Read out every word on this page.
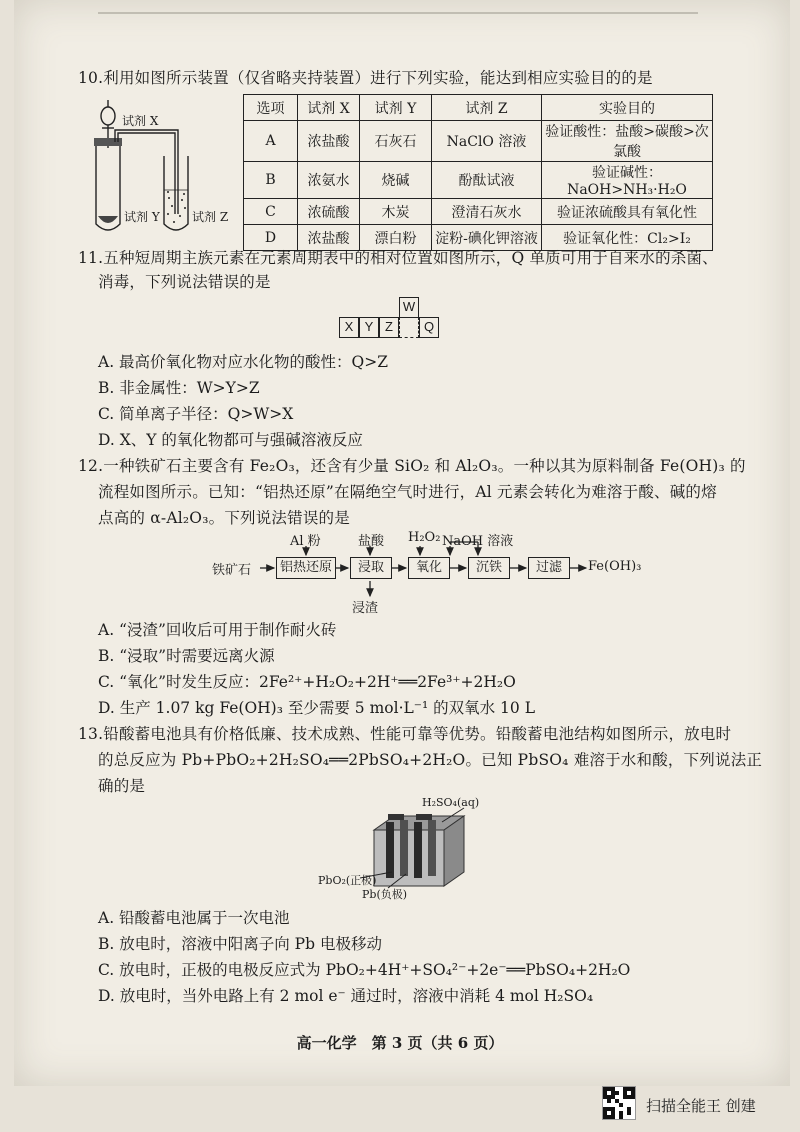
10.利用如图所示装置（仅省略夹持装置）进行下列实验，能达到相应实验目的的是
试剂 X
试剂 Y	试剂 Z
选项	试剂 X	试剂 Y	试剂 Z	实验目的
A	浓盐酸	石灰石	NaClO 溶液	验证酸性：盐酸>碳酸>次氯酸
B	浓氨水	烧碱	酚酞试液	验证碱性：NaOH>NH₃·H₂O
C	浓硫酸	木炭	澄清石灰水	验证浓硫酸具有氧化性
D	浓盐酸	漂白粉	淀粉-碘化钾溶液	验证氧化性：Cl₂>I₂
11.五种短周期主族元素在元素周期表中的相对位置如图所示，Q 单质可用于自来水的杀菌、
消毒，下列说法错误的是
W
X Y Z	Q
A. 最高价氧化物对应水化物的酸性：Q>Z
B. 非金属性：W>Y>Z
C. 简单离子半径：Q>W>X
D. X、Y 的氧化物都可与强碱溶液反应
12.一种铁矿石主要含有 Fe₂O₃，还含有少量 SiO₂ 和 Al₂O₃。一种以其为原料制备 Fe(OH)₃ 的
流程如图所示。已知：“铝热还原”在隔绝空气时进行，Al 元素会转化为难溶于酸、碱的熔
点高的 α-Al₂O₃。下列说法错误的是
铁矿石	铝热还原	浸取	氧化	沉铁	过滤	Fe(OH)₃
Al 粉	盐酸 H₂O₂ NaOH 溶液
浸渣
A. “浸渣”回收后可用于制作耐火砖
B. “浸取”时需要远离火源
C. “氧化”时发生反应：2Fe²⁺+H₂O₂+2H⁺══2Fe³⁺+2H₂O
D. 生产 1.07 kg Fe(OH)₃ 至少需要 5 mol·L⁻¹ 的双氧水 10 L
13.铅酸蓄电池具有价格低廉、技术成熟、性能可靠等优势。铅酸蓄电池结构如图所示，放电时
的总反应为 Pb+PbO₂+2H₂SO₄══2PbSO₄+2H₂O。已知 PbSO₄ 难溶于水和酸，下列说法正
确的是
H₂SO₄(aq)
PbO₂(正极)
Pb(负极)
A. 铅酸蓄电池属于一次电池
B. 放电时，溶液中阳离子向 Pb 电极移动
C. 放电时，正极的电极反应式为 PbO₂+4H⁺+SO₄²⁻+2e⁻══PbSO₄+2H₂O
D. 放电时，当外电路上有 2 mol e⁻ 通过时，溶液中消耗 4 mol H₂SO₄
高一化学　第 3 页（共 6 页）
扫描全能王 创建
